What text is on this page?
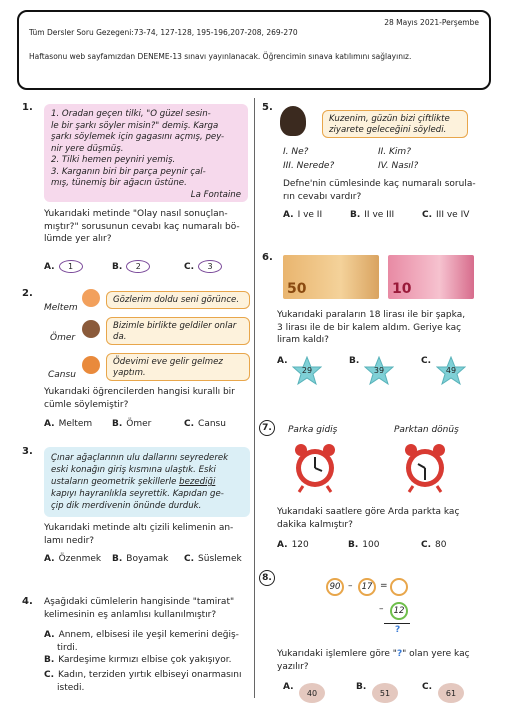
28 Mayıs 2021-Perşembe
Tüm Dersler Soru Gezegeni:73-74, 127-128, 195-196,207-208, 269-270
Haftasonu web sayfamızdan DENEME-13 sınavı yayınlanacak. Öğrencimin sınava katılımını sağlayınız.
1.
1. Oradan geçen tilki, "O güzel sesin-
le bir şarkı söyler misin?" demiş. Karga
şarkı söylemek için gagasını açmış, pey-
nir yere düşmüş.
2. Tilki hemen peyniri yemiş.
3. Karganın biri bir parça peynir çal-
mış, tünemiş bir ağacın üstüne.
La Fontaine
Yukarıdaki metinde "Olay nasıl sonuçlan-
mıştır?" sorusunun cevabı kaç numaralı bö-
lümde yer alır?
A. 1	B. 2	C. 3
2.
Meltem
Gözlerim doldu seni görünce.
Ömer
Bizimle birlikte geldiler onlar da.
Cansu
Ödevimi eve gelir gelmez yaptım.
Yukarıdaki öğrencilerden hangisi kurallı bir
cümle söylemiştir?
A. Meltem B. Ömer	C. Cansu
3.
Çınar ağaçlarının ulu dallarını seyrederek
eski konağın giriş kısmına ulaştık. Eski
ustaların geometrik şekillerle bezediği
kapıyı hayranlıkla seyrettik. Kapıdan ge-
çip dik merdivenin önünde durduk.
Yukarıdaki metinde altı çizili kelimenin an-
lamı nedir?
A. Özenmek B. Boyamak C. Süslemek
4. Aşağıdaki cümlelerin hangisinde "tamirat"
kelimesinin eş anlamlısı kullanılmıştır?
A. Annem, elbisesi ile yeşil kemerini değiş-
tirdi.
B. Kardeşime kırmızı elbise çok yakışıyor.
C. Kadın, terziden yırtık elbiseyi onarmasını
istedi.
5.
Kuzenim, güzün bizi çiftlikte
ziyarete geleceğini söyledi.
I. Ne?	II. Kim?
III. Nerede?	IV. Nasıl?
Defne'nin cümlesinde kaç numaralı sorula-
rın cevabı vardır?
A. I ve II	B. II ve III	C. III ve IV
6.
50	10
Yukarıdaki paraların 18 lirası ile bir şapka,
3 lirası ile de bir kalem aldım. Geriye kaç
liram kaldı?
A.
29
B.
39
C.
49
7.	Parka gidiş	Parktan dönüş
Yukarıdaki saatlere göre Arda parkta kaç
dakika kalmıştır?
A. 120	B. 100	C. 80
8.
90 –	17 =
–	12
?
Yukarıdaki işlemlere göre "?" olan yere kaç
yazılır?
A.
40
B.
51
C.
61
